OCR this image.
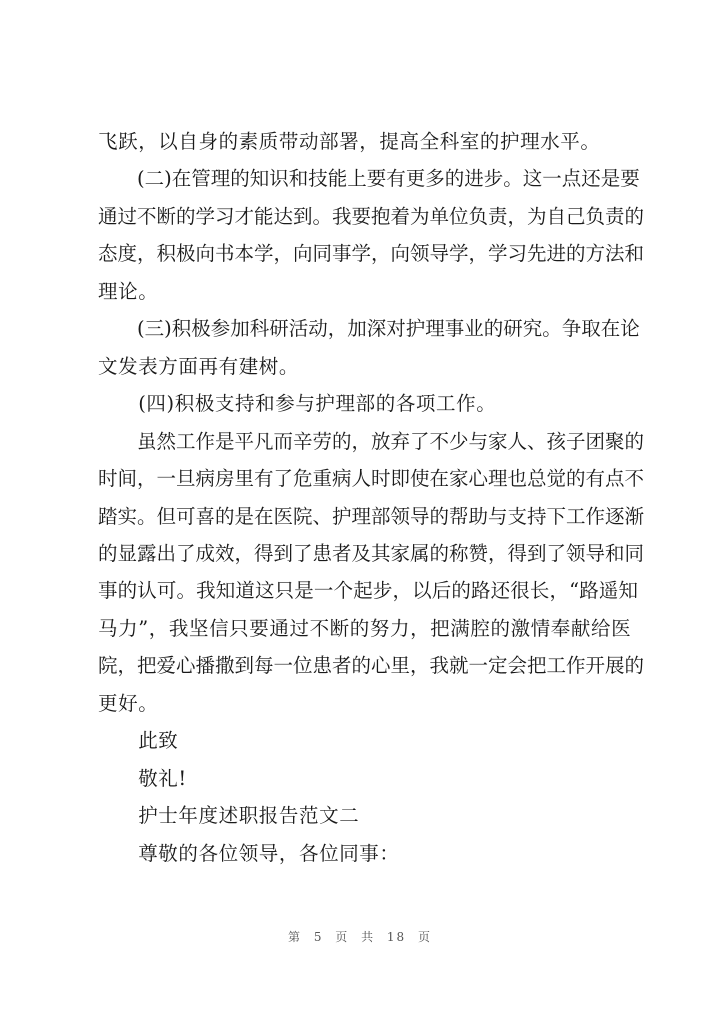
飞跃，以自身的素质带动部署，提高全科室的护理水平。
　　(二)在管理的知识和技能上要有更多的进步。这一点还是要
通过不断的学习才能达到。我要抱着为单位负责，为自己负责的
态度，积极向书本学，向同事学，向领导学，学习先进的方法和
理论。
　　(三)积极参加科研活动，加深对护理事业的研究。争取在论
文发表方面再有建树。
　　(四)积极支持和参与护理部的各项工作。
　　虽然工作是平凡而辛劳的，放弃了不少与家人、孩子团聚的
时间，一旦病房里有了危重病人时即使在家心理也总觉的有点不
踏实。但可喜的是在医院、护理部领导的帮助与支持下工作逐渐
的显露出了成效，得到了患者及其家属的称赞，得到了领导和同
事的认可。我知道这只是一个起步，以后的路还很长，“路遥知
马力”，我坚信只要通过不断的努力，把满腔的激情奉献给医
院，把爱心播撒到每一位患者的心里，我就一定会把工作开展的
更好。
　　此致
　　敬礼!
　　护士年度述职报告范文二
　　尊敬的各位领导，各位同事：
第 5 页 共 18 页
